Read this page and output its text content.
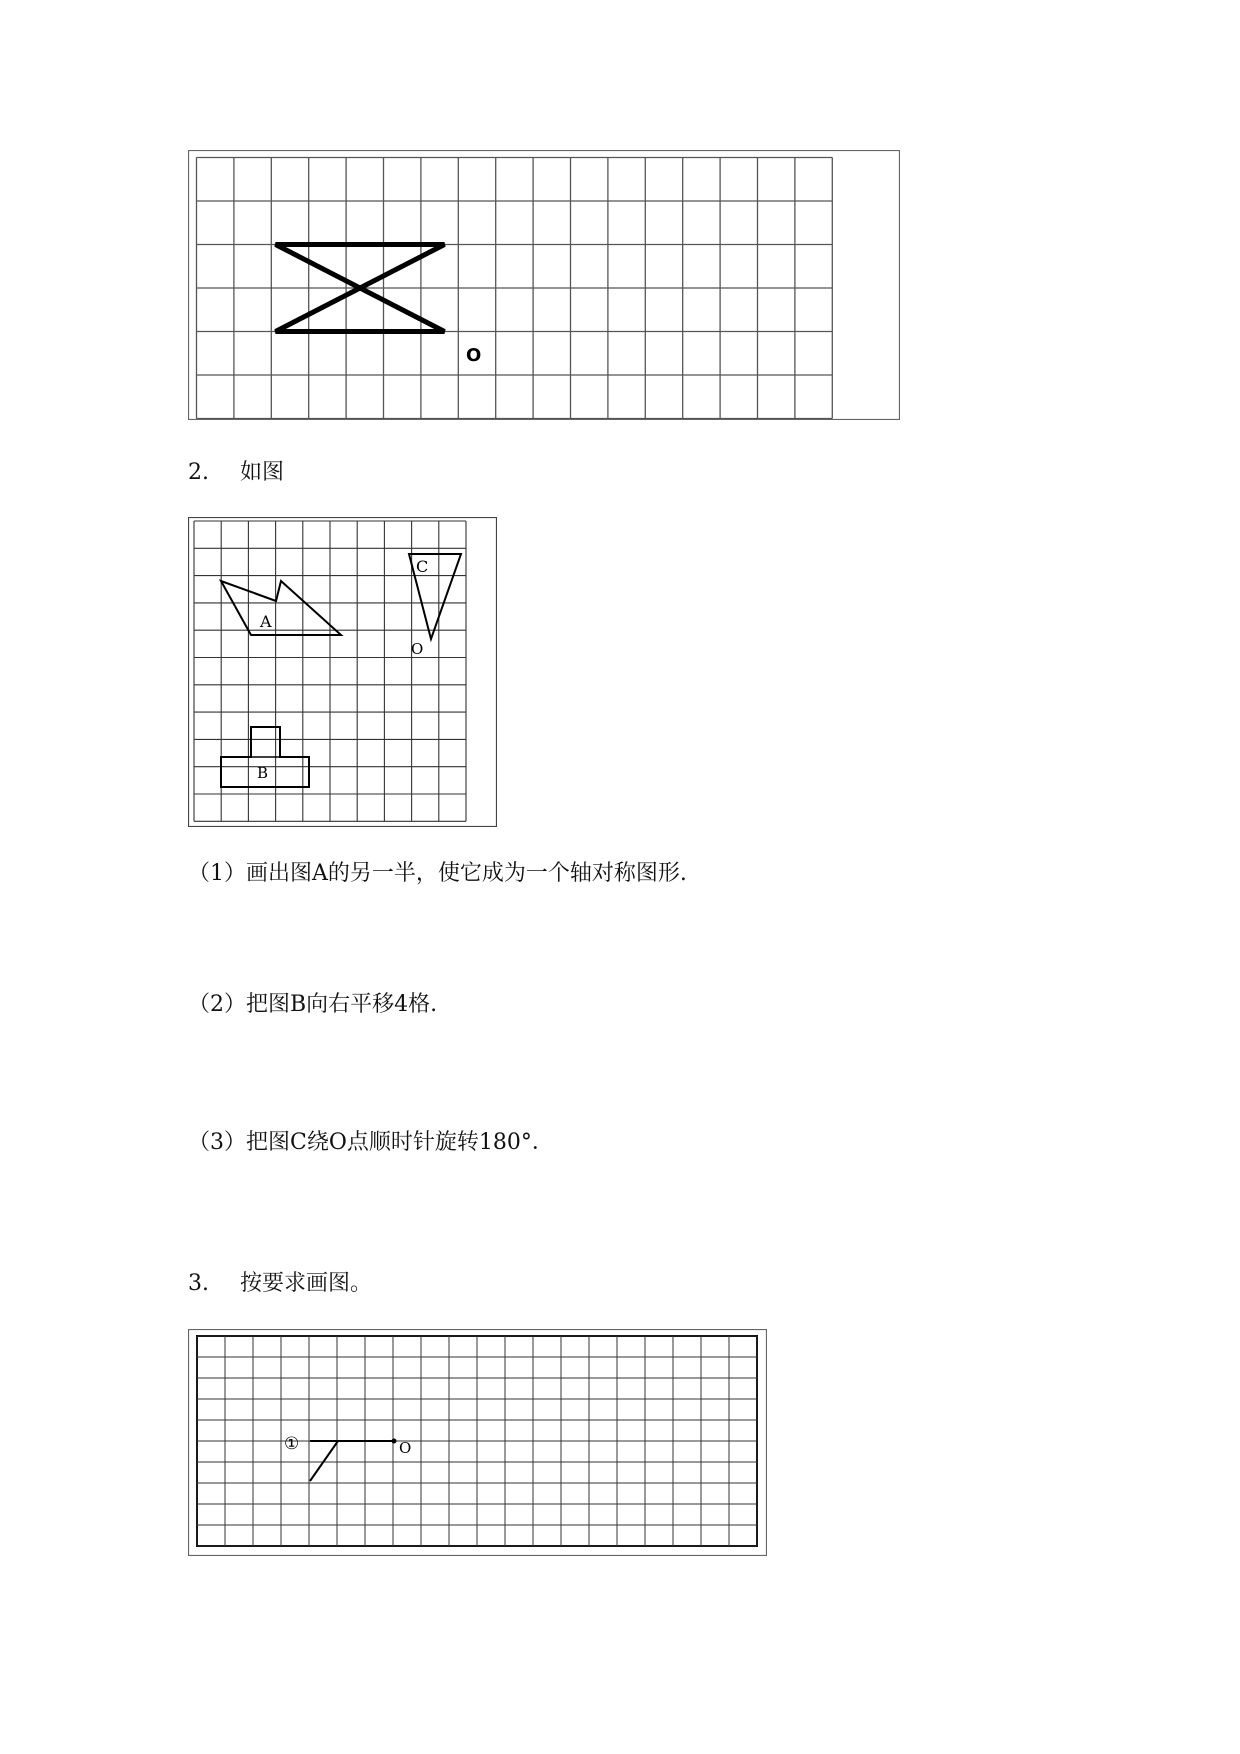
O
2. 如图
A
C
O
B
（1）画出图A的另一半，使它成为一个轴对称图形.
（2）把图B向右平移4格.
（3）把图C绕O点顺时针旋转180°．
3. 按要求画图。
①	O
